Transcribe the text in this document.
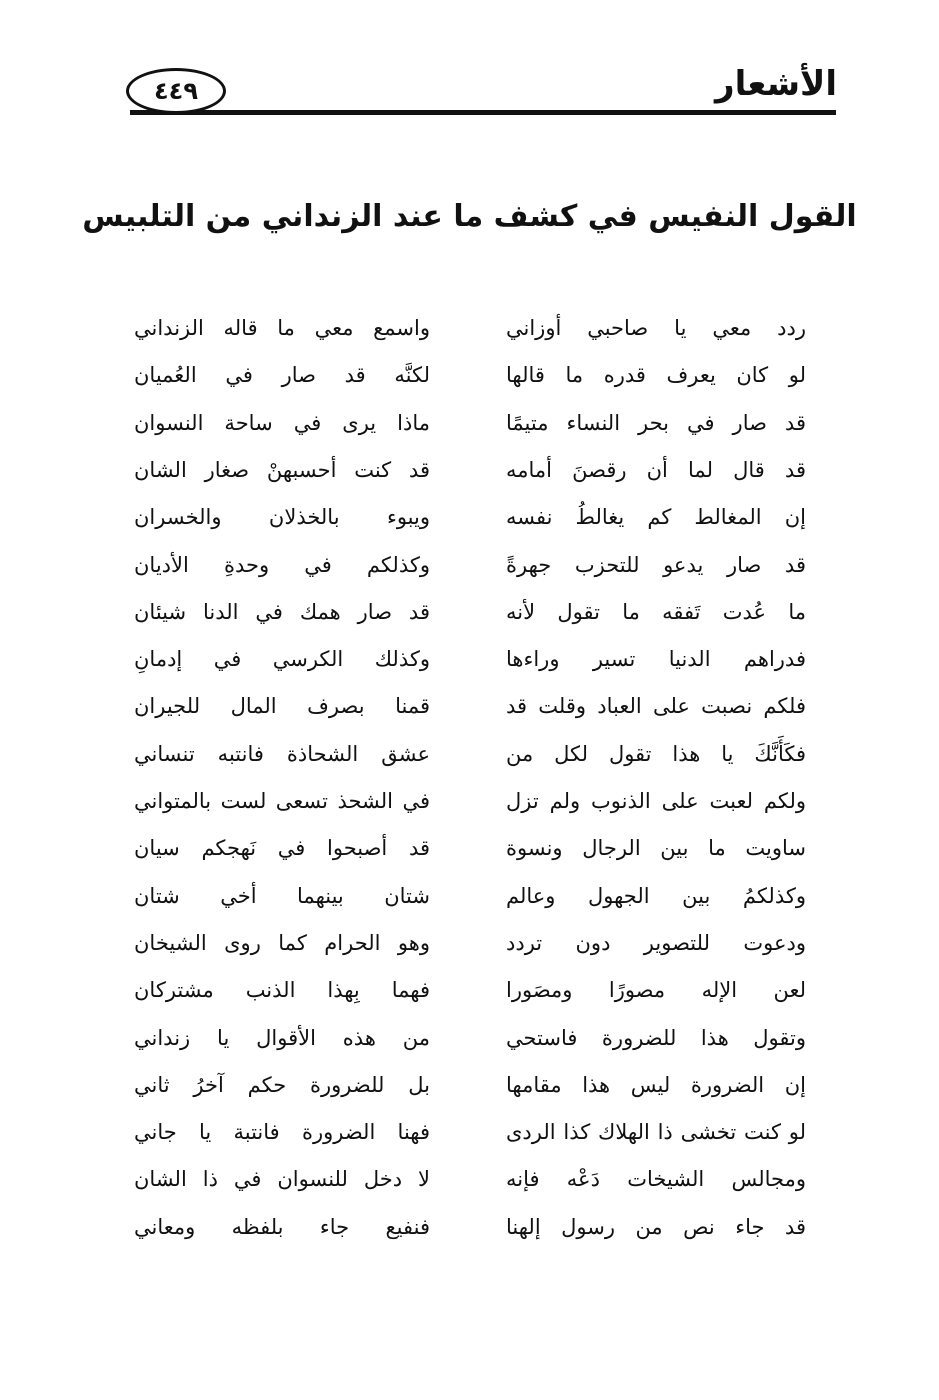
الأشعار
٤٤٩
القول النفيس في كشف ما عند الزنداني من التلبيس
ردد معي يا صاحبي أوزاني
واسمع معي ما قاله الزنداني
لو كان يعرف قدره ما قالها
لكنَّه قد صار في العُميان
قد صار في بحر النساء متيمًا
ماذا يرى في ساحة النسوان
قد قال لما أن رقصنَ أمامه
قد كنت أحسبهنْ صغار الشان
إن المغالط كم يغالطُ نفسه
ويبوء بالخذلان والخسران
قد صار يدعو للتحزب جهرةً
وكذلكم في وحدةِ الأديان
ما عُدت تَفقه ما تقول لأنه
قد صار همك في الدنا شيئان
فدراهم الدنيا تسير وراءها
وكذلك الكرسي في إدمانِ
فلكم نصبت على العباد وقلت قد
قمنا بصرف المال للجيران
فكَأَنَّكَ يا هذا تقول لكل من
عشق الشحاذة فانتبه تنساني
ولكم لعبت على الذنوب ولم تزل
في الشحذ تسعى لست بالمتواني
ساويت ما بين الرجال ونسوة
قد أصبحوا في نَهجكم سيان
وكذلكمُ بين الجهول وعالم
شتان بينهما أخي شتان
ودعوت للتصوير دون تردد
وهو الحرام كما روى الشيخان
لعن الإله مصورًا ومصَورا
فهما بِهذا الذنب مشتركان
وتقول هذا للضرورة فاستحي
من هذه الأقوال يا زنداني
إن الضرورة ليس هذا مقامها
بل للضرورة حكم آخرُ ثاني
لو كنت تخشى ذا الهلاك كذا الردى
فهنا الضرورة فانتبة يا جاني
ومجالس الشيخات دَعْه فإنه
لا دخل للنسوان في ذا الشان
قد جاء نص من رسول إلهنا
فنفيع جاء بلفظه ومعاني
